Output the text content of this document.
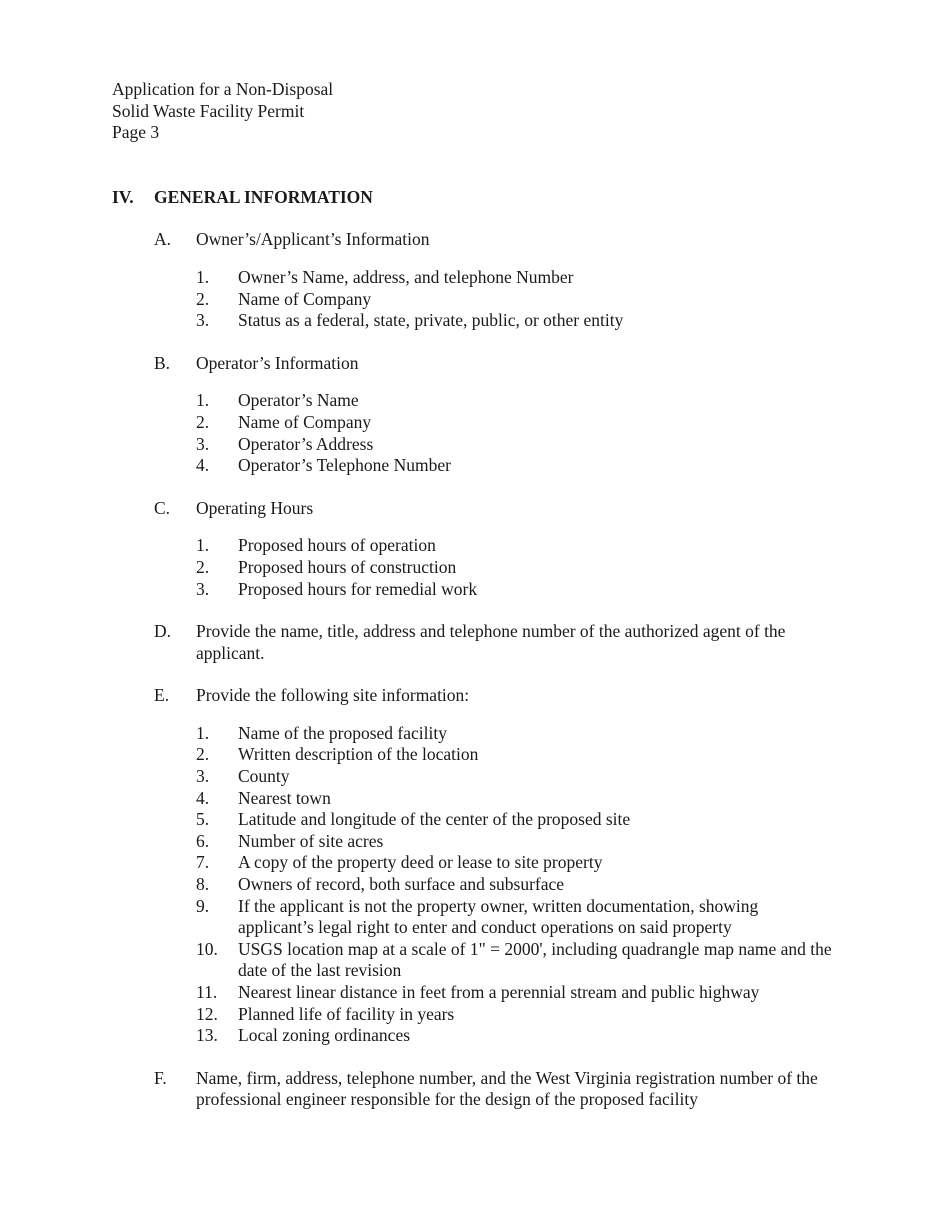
Application for a Non-Disposal
Solid Waste Facility Permit
Page 3
IV.	GENERAL INFORMATION
A.	Owner’s/Applicant’s Information
1.	Owner’s Name, address, and telephone Number
2.	Name of Company
3.	Status as a federal, state, private, public, or other entity
B.	Operator’s Information
1.	Operator’s Name
2.	Name of Company
3.	Operator’s Address
4.	Operator’s Telephone Number
C.	Operating Hours
1.	Proposed hours of operation
2.	Proposed hours of construction
3.	Proposed hours for remedial work
D.	Provide the name, title, address and telephone number of the authorized agent of the applicant.
E.	Provide the following site information:
1.	Name of the proposed facility
2.	Written description of the location
3.	County
4.	Nearest town
5.	Latitude and longitude of the center of the proposed site
6.	Number of site acres
7.	A copy of the property deed or lease to site property
8.	Owners of record, both surface and subsurface
9.	If the applicant is not the property owner, written documentation, showing applicant’s legal right to enter and conduct operations on said property
10.	USGS location map at a scale of 1" = 2000', including quadrangle map name and the date of the last revision
11.	Nearest linear distance in feet from a perennial stream and public highway
12.	Planned life of facility in years
13.	Local zoning ordinances
F.	Name, firm, address, telephone number, and the West Virginia registration number of the professional engineer responsible for the design of the proposed facility
